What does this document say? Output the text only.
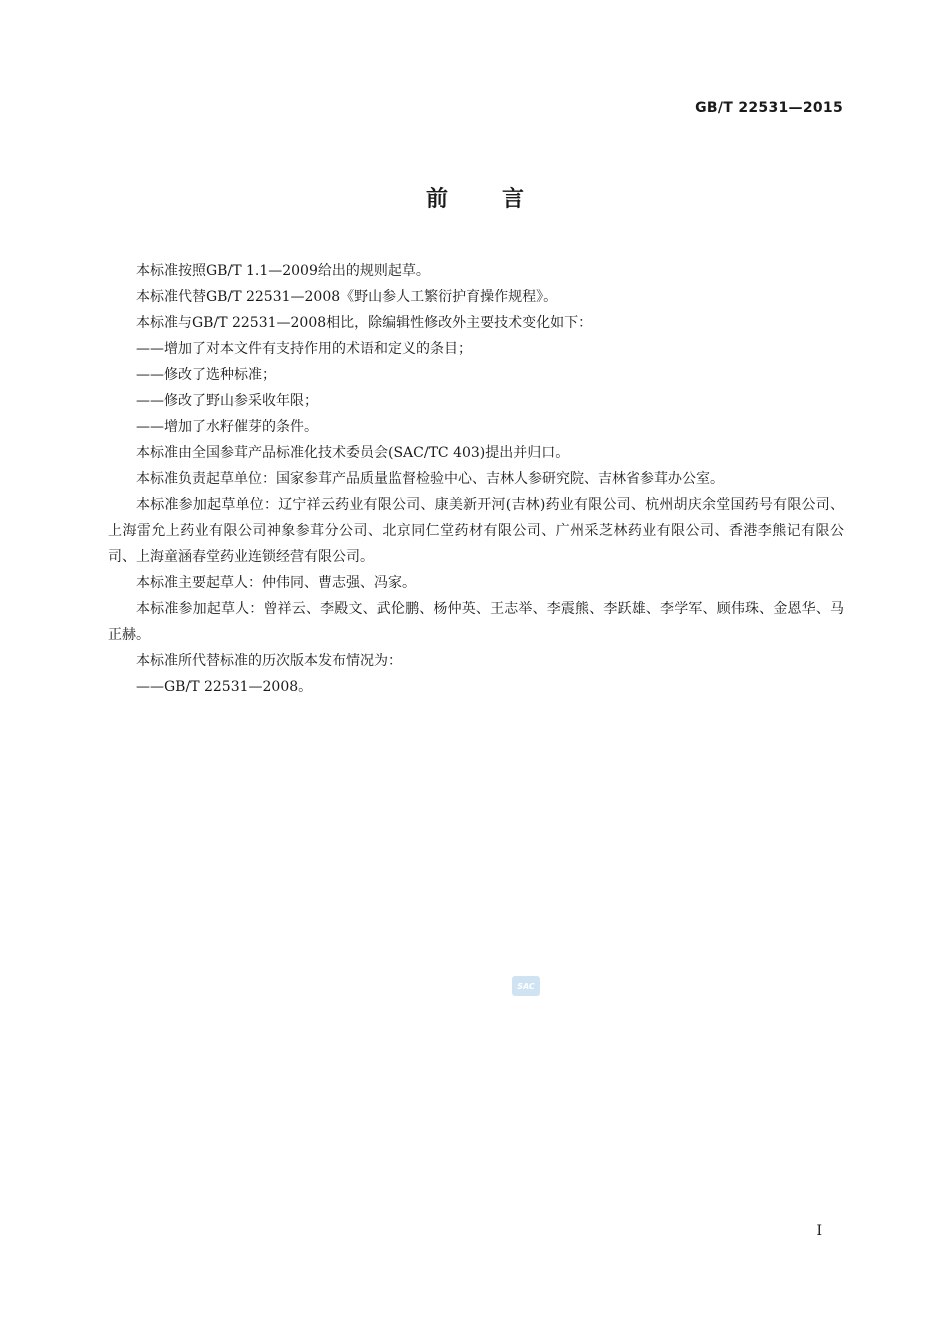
GB/T 22531—2015
前言

本标准按照GB/T 1.1—2009给出的规则起草。

本标准代替GB/T 22531—2008《野山参人工繁衍护育操作规程》。

本标准与GB/T 22531—2008相比，除编辑性修改外主要技术变化如下：

——增加了对本文件有支持作用的术语和定义的条目；

——修改了选种标准；

——修改了野山参采收年限；

——增加了水籽催芽的条件。

本标准由全国参茸产品标准化技术委员会(SAC/TC 403)提出并归口。

本标准负责起草单位：国家参茸产品质量监督检验中心、吉林人参研究院、吉林省参茸办公室。

本标准参加起草单位：辽宁祥云药业有限公司、康美新开河(吉林)药业有限公司、杭州胡庆余堂国药号有限公司、上海雷允上药业有限公司神象参茸分公司、北京同仁堂药材有限公司、广州采芝林药业有限公司、香港李熊记有限公司、上海童涵春堂药业连锁经营有限公司。

本标准主要起草人：仲伟同、曹志强、冯家。

本标准参加起草人：曾祥云、李殿文、武伦鹏、杨仲英、王志举、李震熊、李跃雄、李学军、顾伟珠、金恩华、马正赫。

本标准所代替标准的历次版本发布情况为：

——GB/T 22531—2008。

SAC
I
